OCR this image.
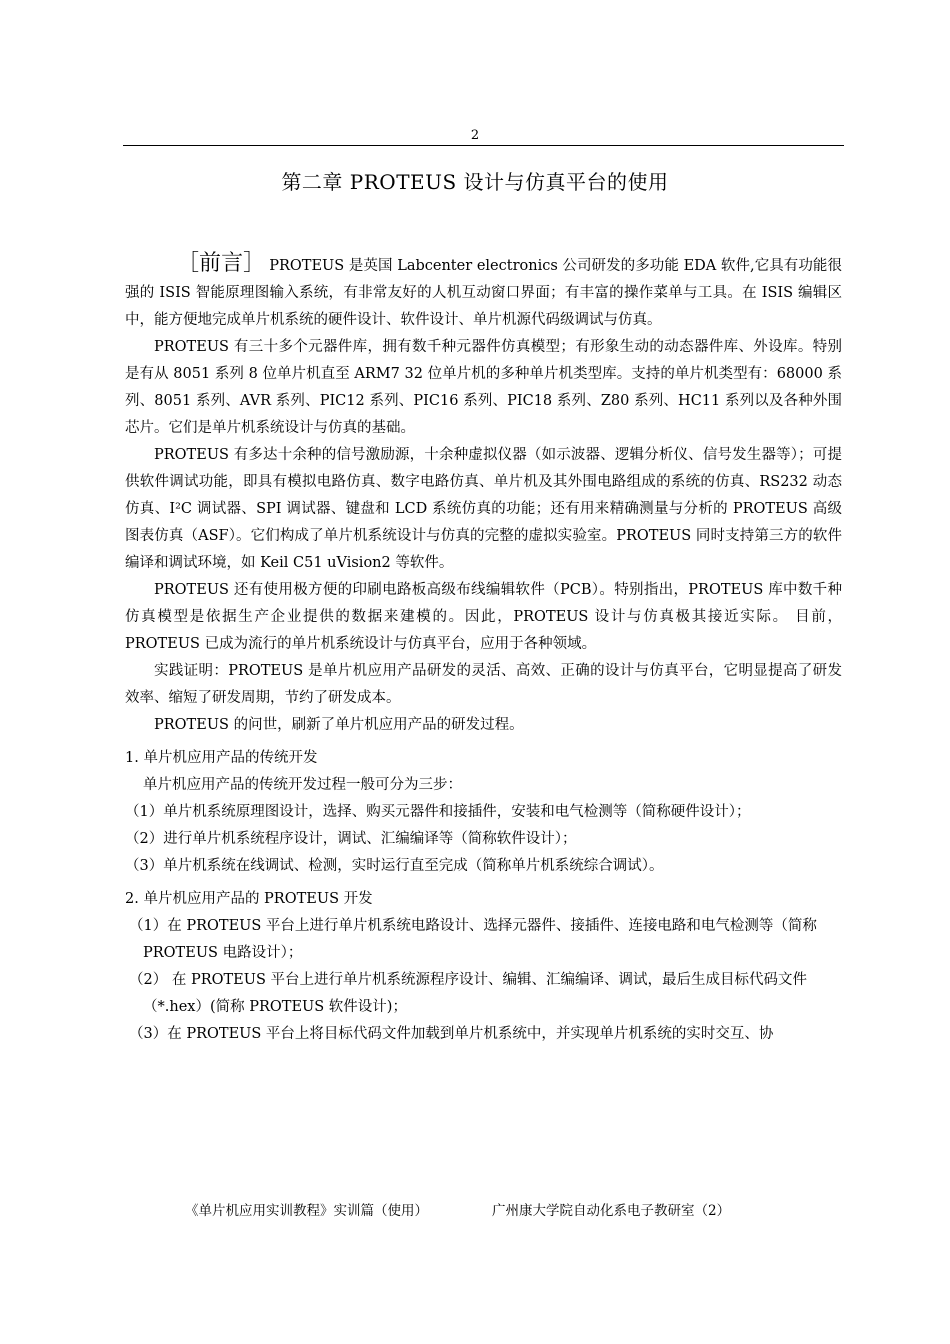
2
第二章 PROTEUS 设计与仿真平台的使用

［前言］ PROTEUS 是英国 Labcenter electronics 公司研发的多功能 EDA 软件,它具有功能很强的 ISIS 智能原理图输入系统，有非常友好的人机互动窗口界面；有丰富的操作菜单与工具。在 ISIS 编辑区中，能方便地完成单片机系统的硬件设计、软件设计、单片机源代码级调试与仿真。

PROTEUS 有三十多个元器件库，拥有数千种元器件仿真模型；有形象生动的动态器件库、外设库。特别是有从 8051 系列 8 位单片机直至 ARM7 32 位单片机的多种单片机类型库。支持的单片机类型有：68000 系列、8051 系列、AVR 系列、PIC12 系列、PIC16 系列、PIC18 系列、Z80 系列、HC11 系列以及各种外围芯片。它们是单片机系统设计与仿真的基础。

PROTEUS 有多达十余种的信号激励源，十余种虚拟仪器（如示波器、逻辑分析仪、信号发生器等）；可提供软件调试功能，即具有模拟电路仿真、数字电路仿真、单片机及其外围电路组成的系统的仿真、RS232 动态仿真、I²C 调试器、SPI 调试器、键盘和 LCD 系统仿真的功能；还有用来精确测量与分析的 PROTEUS 高级图表仿真（ASF）。它们构成了单片机系统设计与仿真的完整的虚拟实验室。PROTEUS 同时支持第三方的软件编译和调试环境，如 Keil C51 uVision2 等软件。

PROTEUS 还有使用极方便的印刷电路板高级布线编辑软件（PCB）。特别指出，PROTEUS 库中数千种仿真模型是依据生产企业提供的数据来建模的。因此，PROTEUS 设计与仿真极其接近实际。 目前，PROTEUS 已成为流行的单片机系统设计与仿真平台，应用于各种领域。

实践证明：PROTEUS 是单片机应用产品研发的灵活、高效、正确的设计与仿真平台，它明显提高了研发效率、缩短了研发周期，节约了研发成本。

PROTEUS 的问世，刷新了单片机应用产品的研发过程。

1. 单片机应用产品的传统开发

单片机应用产品的传统开发过程一般可分为三步：

（1）单片机系统原理图设计，选择、购买元器件和接插件，安装和电气检测等（简称硬件设计）；

（2）进行单片机系统程序设计，调试、汇编编译等（简称软件设计）；

（3）单片机系统在线调试、检测，实时运行直至完成（简称单片机系统综合调试）。

2. 单片机应用产品的 PROTEUS 开发

（1）在 PROTEUS 平台上进行单片机系统电路设计、选择元器件、接插件、连接电路和电气检测等（简称 PROTEUS 电路设计）；

（2） 在 PROTEUS 平台上进行单片机系统源程序设计、编辑、汇编编译、调试，最后生成目标代码文件（*.hex）(简称 PROTEUS 软件设计)；

（3）在 PROTEUS 平台上将目标代码文件加载到单片机系统中，并实现单片机系统的实时交互、协

《单片机应用实训教程》实训篇（使用）	广州康大学院自动化系电子教研室（2）
